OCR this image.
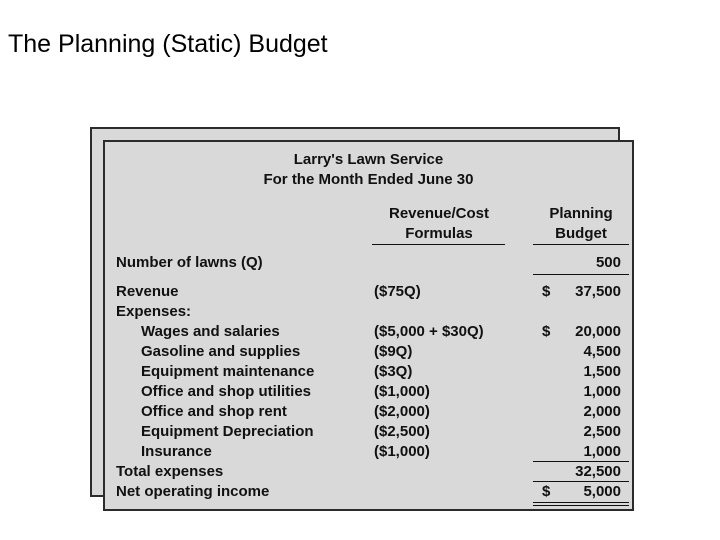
The Planning (Static) Budget
Larry's Lawn Service
For the Month Ended June 30
Revenue/Cost
Formulas
Planning
Budget
Number of lawns (Q)	500
Revenue	($75Q)	$	37,500
Expenses:
Wages and salaries	($5,000 + $30Q)	$	20,000
Gasoline and supplies	($9Q)	4,500
Equipment maintenance	($3Q)	1,500
Office and shop utilities	($1,000)	1,000
Office and shop rent	($2,000)	2,000
Equipment Depreciation	($2,500)	2,500
Insurance	($1,000)	1,000
Total expenses	32,500
Net operating income	$	5,000
